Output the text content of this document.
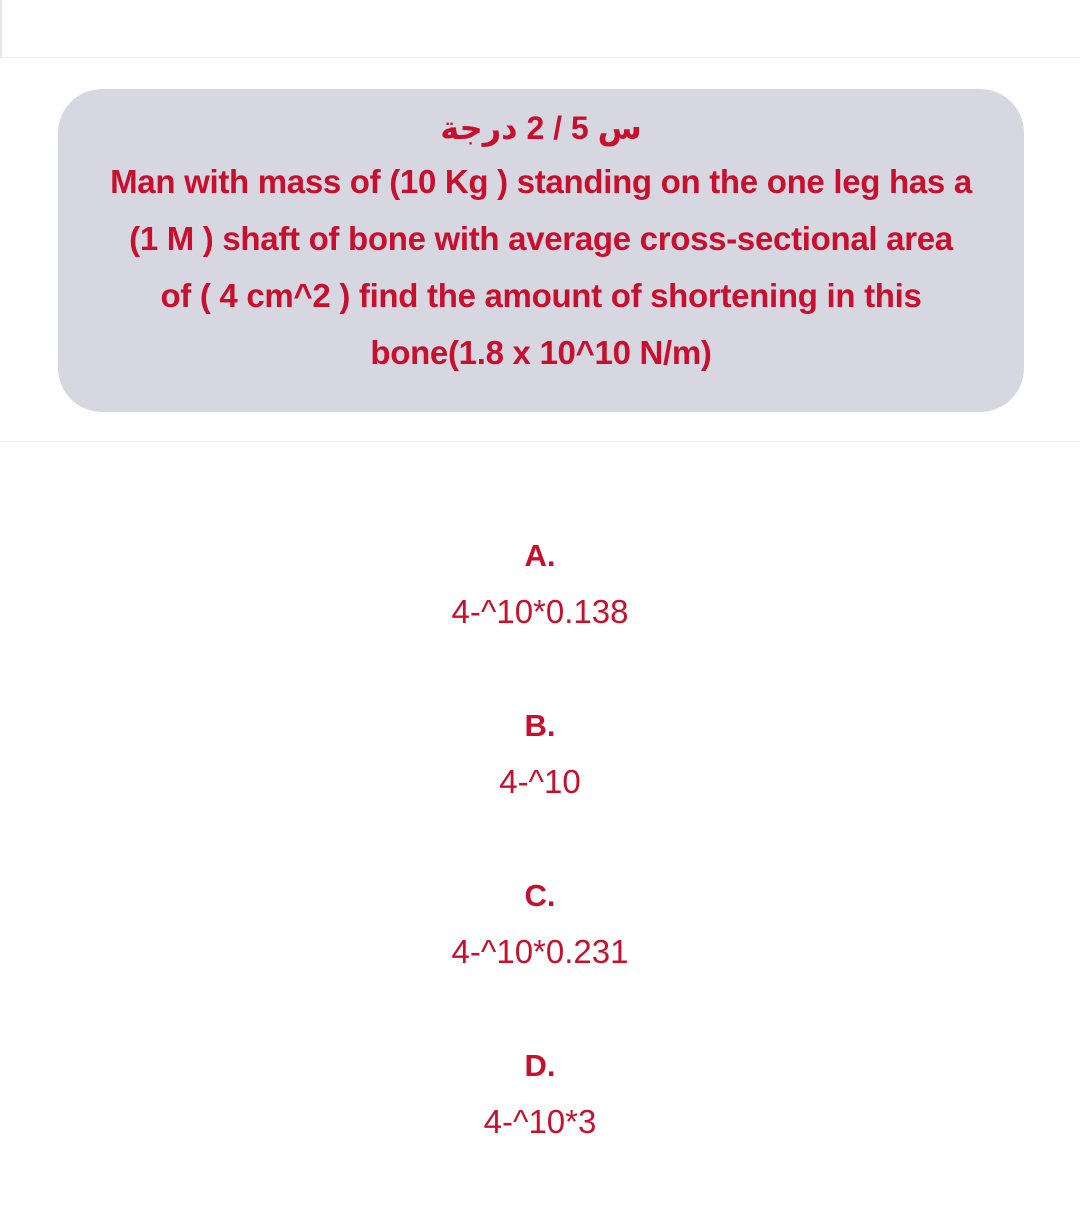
س 5 / 2 درجة
Man with mass of (10 Kg ) standing on the one leg has a
(1 M ) shaft of bone with average cross-sectional area
of ( 4 cm^2 ) find the amount of shortening in this
bone(1.8 x 10^10 N/m)
A.
4-^10*0.138
B.
4-^10
C.
4-^10*0.231
D.
4-^10*3
